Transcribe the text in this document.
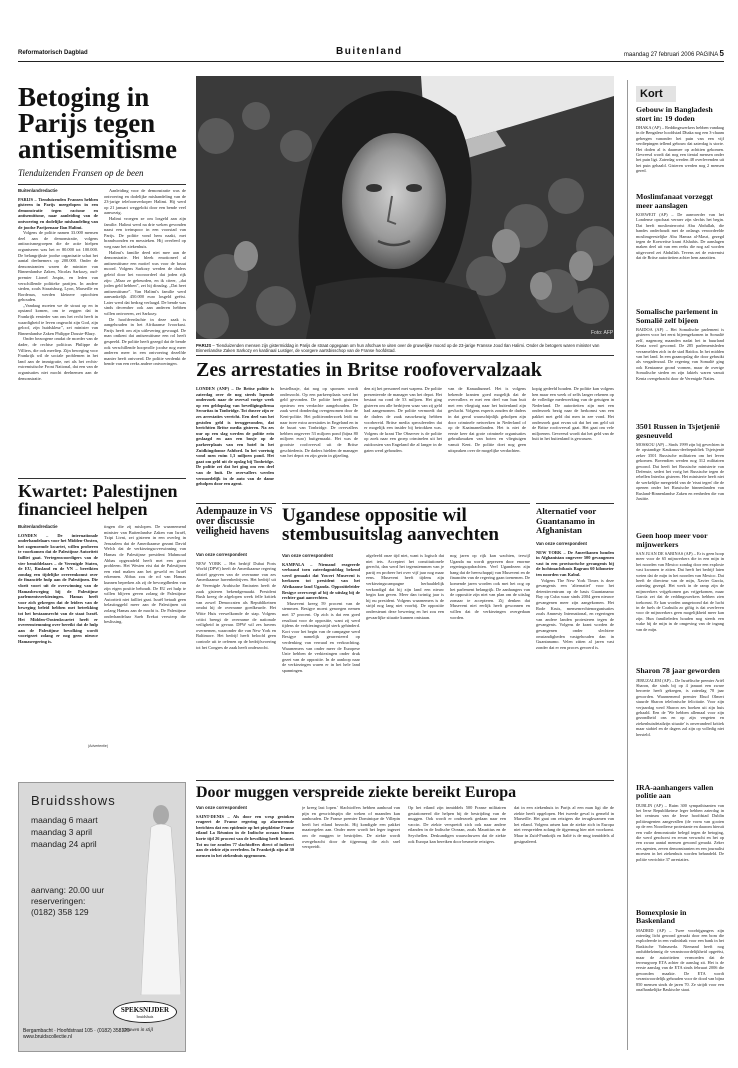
Reformatorisch Dagblad	Buitenland	maandag 27 februari 2006 PAGINA 5
Betoging in Parijs tegen antisemitisme
Tienduizenden Fransen op de been
Buitenlandredactie

PARIJS – Tienduizenden Fransen hebben gisteren in Parijs meegelopen in een demonstratie tegen racisme en antisemitisme, naar aanleiding van de ontvoering en dodelijke mishandeling van de joodse Parijzenaar Ilan Halimi.

Volgens de politie namen 33.000 mensen deel aan de demonstratie, volgens antiracismegroepen die de actie hielpen organiseren was het er 80.000 tot 100.000. De belangrijkste joodse organisatie schat het aantal deelnemers op 200.000. Onder de demonstranten waren de minister van Binnenlandse Zaken, Nicolas Sarkozy, oud-premier Lionel Jospin, en leden van verschillende politieke partijen. In andere steden, zoals Straatsburg, Lyon, Marseille en Bordeaux, werden kleinere optochten gehouden.

„Vandaag moeten we de straat op en in opstand komen, om te zeggen dat in Frankrijk eenieder van ons het recht heeft in waardigheid te leven ongeacht zijn God, zijn geloof, zijn huidskleur”, zei minister van Binnenlandse Zaken Philippe Douste-Blazy.

Onder bezorgene omdat de moeder van de dader, de rechtse politicus Philippe de Villiers, die ook meeliep. Zijn beweging voor Frankrijk wil de sociale problemen in het land aan de immigratie, net als het rechts-extremistische Front National, dat een van de organisaties niet mocht deelnemen aan de demonstratie.

Aanleiding voor de demonstratie was de ontvoering en dodelijke mishandeling van de 23-jarige telefoonverkoper Halimi. Hij werd op 21 januari weggelokt door een bende veel aanwezig.

Halimi vroegen ze om losgeld aan zijn familie. Halimi werd na drie weken gevonden naast een treinspoor in een voorstad van Parijs. De politie vond hem naakt, met brandwonden en messteken. Hij overleed op weg naar het ziekenhuis.

Halimi's familie deed niet mee aan de demonstratie. Het bleek emotioneel al antisemitisme een motief was voor de bruut moord. Volgens Sarkozy werden de daders geleid door het vooroordeel dat joden rijk zijn: „Maar ze gebeurden, en ik citeer, „dat joden geld hebben”, zei hij dinsdag. „Dat heet antisemitisme”. Van Halimi's familie werd aanvankelijk 450.000 euro losgeld geëist. Later werd dat bedrag verlaagd. De bende was sinds december ook aan anderen hebben willen ontvoeren, zei Sarkozy.

De hoofdverdachte in deze zaak is aangehouden in het Afrikaanse Ivoorkust. Parijs heeft om zijn uitlevering gevraagd. De man ontkent dat antisemitisme een rol heeft gespeeld. De politie heeft gezegd dat de bende ook verschillende hoopvolle joodse nog meer anderen meer in een ontvoering dezelfde manier heeft ontvoerd. De politie verdenkt de bende van een reeks andere ontvoeringen.

Foto: AFP
PARIJS – Tienduizenden mensen zijn gistermiddag in Parijs de straat opgegaan om hun afschuw te uiten over de gruwelijke moord op de 23-jarige Fransse Jood Ilan Halimi. Onder de betogers waren minister van Binnenlandse Zaken Sarkozy en kardinaal Lustiger, de voorgere aartsbisschop van de Franse hoofdstad.
Zes arrestaties in Britse roofovervalzaak

LONDEN (ANP) – De Britse politie is zaterdag over de nog steeds lopende onderzoek naar de overval vorige week op een geldopslag van beveiligingsfirma Securitas in Tonbridge. Tot dusver zijn er zes arrestaties verricht. Een deel van het gestolen geld is teruggevonden, dat berichtten Britse media gisteren. Na zes uur op een slag werden de politie erin geslaagd en aan een busje op de parkeerplaats van een hotel in het Zuidkingdomse Ashford. In het voertuig vond men ruim 1,3 miljoen pond. Het gaat om geld uit de opslag bij Tonbridge. De politie zei dat het ging om een deel van de buit. De overvallers werden vermoedelijk in de auto van de dame geholpen door een agent.

bestelbusje, dat nog op sponsen wordt onderzocht. Op een parkeerplaats werd het geld gevonden. De politie heeft gisteren opnieuw een verdachte aangehouden. De zaak werd donderdag overgenomen door de Kent-politie. Het politieonderzoek leidt nu naar twee extra arrestaties in Engeland en in de buurt van Tonbridge. De overvallers hebben ongeveer 53 miljoen pond (bijna 80 miljoen euro) buitgemaakt. Het was de grootste roofoverval uit de Britse geschiedenis. De daders hielden de manager van het depot en zijn gezin in gijzeling.

den zij het personeel met wapens. De politie presenteerde de manager van het depot. Het bestaat nu rond de 53 miljoen. Het ging gisteren om alle bedrijven waar van zij geld had aangenomen. De politie vermoedt dat de daders de zaak nauwkeurig hebben voorbereid. Britse media speculeerden dat er mogelijk een insider bij betrokken was. Volgens de krant The Observer is de politie op zoek naar een groep criminelen uit het zuidoosten van Engeland die al langer in de gaten werd gehouden.

van de Kanaaltunnel. Het is volgens bekende kranten goed mogelijk dat de overvallers er met een deel van hun buit met een vliegtuig naar het buitenland zijn gevlucht. Volgens experts zouden de daders in dat geval waarschijnlijk geholpen zijn door criminele netwerken in Nederland of op de Kaaimaneilanden. Het is niet de eerste keer dat grote criminele organisaties gebruikmaken van boten en vliegtuigen vanuit Kent. De politie doet nog geen uitspraken over de mogelijke verdachten.

kopig gedeeld houden. De politie kan volgens hen maar een week of zelfs langer rekenen op de volledige medewerking van de getuigen in Nederland. De autoriteiten zijn met een onderzoek bezig naar de herkomst van een pakket met geld dat men in zee vond. Het onderzoek gaat ervan uit dat het om geld uit de Britse roofoverval gaat. Het gaat om vele miljoenen. Gevreesd wordt dat het geld van de buit in het buitenland is gewassen.

Kwartet: Palestijnen financieel helpen
Buitenlandredactie

LONDEN – De internationale onderhandelaars voor het Midden-Oosten, het zogenoemde kwartet, willen proberen te voorkomen dat de Palestijnse Autoriteit failliet gaat. Vertegenwoordigers van de vier bemiddelaars – de Verenigde Staten, de EU, Rusland en de VN – bereikten zondag een tijdelijke overeenkomst over de financiële hulp aan de Palestijnen. Die vloeit voort uit de overwinning van de Hamasbeweging bij de Palestijnse parlementsverkiezingen. Hamas heeft voor zich gekregen dat de leiders van de beweging beleid hebben met betrekking tot het bestaansrecht van de staat Israël. Het Midden-Oostenkwartet heeft er overeenstemming over bereikt dat de hulp aan de Palestijnse bevolking wordt voortgezet zolang er nog geen nieuwe Hamasregering is.

tingen die zij mislopen. De waarnemend minister van Buitenlandse Zaken van Israël, Tzipi Livni, zei gisteren in een overleg in Jeruzalem dat de Amerikaanse gezant David Welch dat de verkiezingsoverwinning van Hamas de Palestijnse president Mahmoud Abbas opgezadeld heeft met een groot probleem. Het Westen eist dat de Palestijnen een eind maken aan het geweld en Israël erkennen. Abbas zou de rol van Hamas kunnen beperken als zij de bevoegdheden van zijn eigen positie behoudt. De EU zei hulp te willen blijven geven zolang de Palestijnse Autoriteit niet failliet gaat. Israël betaalt geen belastinggeld meer aan de Palestijnen uit zolang Hamas aan de macht is. De Palestijnse onderhandelaar Saeb Erekat verwierp die beslissing.

Adempauze in VS over discussie veiligheid havens
Van onze correspondent

NEW YORK – Het bedrijf Dubai Ports World (DPW) heeft de Amerikaanse regering uitstel gegeven van de overname van zes Amerikaanse havenbedrijven. Het bedrijf uit de Verenigde Arabische Emiraten heeft de zaak gisteren bekendgemaakt. President Bush kreeg de afgelopen week felle kritiek van zowel Democraten als Republikeinen omdat hij de overname goedkeurde. Het Witte Huis verwelkomde de stap. Volgens critici brengt de overname de nationale veiligheid in gevaar. DPW wil zes havens overnemen, waaronder die van New York en Baltimore. Het bedrijf heeft beloofd geen controle uit te oefenen op de bedrijfsvoering tot het Congres de zaak heeft onderzocht.

Ugandese oppositie wil stembusuitslag aanvechten
Van onze correspondent

KAMPALA – Niemand reageerde verbaasd toen zaterdagmiddag bekend werd gemaakt dat Yoweri Museveni is herkozen tot president van het Afrikaanse land Uganda. Oppositieleider Besigye overweegt af bij de uitslag bij de rechter gaat aanvechten.

Museveni kreeg 59 procent van de stemmen. Besigye moest genoegen nemen met 37 procent. Op zich is dat een goed resultaat voor de oppositie, want zij werd tijdens de verkiezingsstrijd sterk gehinderd. Kort voor het begin van de campagne werd Besigye namelijk gearresteerd op verdenking van verraad en verkrachting. Waarnemers van onder meer de Europese Unie hebben de verkiezingen onder druk gezet van de oppositie. In de aanloop naar de verkiezingen waren er in het hele land spanningen.

afgeleefd onze tijd niet, want is logisch dat niet iets. Acceptert het constitutionele gerecht, dan werd het tegenstemmen van je partij en probeer het over vijf jaar nog maar eens. Museveni heeft tijdens zijn verkiezingscampagne herhaaldelijk verkondigd dat hij zijn land een nieuw begin kan geven. Meer dan twintig jaar is hij nu president. Volgens waarnemers is de strijd nog lang niet voorbij. De oppositie ondersteunt deze bewering en het zou een gevaarlijke situatie kunnen ontstaan.

nog jaren op rijk kan wachten, terwijl Uganda nu wordt geprezen door enorme regeringsopdrachten. Veel Ugandezen zijn bang dat de heerschappij van Museveni en de financiën van de regering gaan toenemen. De komende jaren worden ook met het oog op het parlement belangrijk. De aanhangers van de oppositie zijn niet van plan om de uitslag zomaar te accepteren. Zij denken dat Museveni niet eerlijk heeft gewonnen en willen dat de verkiezingen overgedaan worden.

Alternatief voor Guantanamo in Afghanistan
Van onze correspondent

NEW YORK – De Amerikanen houden in Afghanistan ongeveer 500 gevangenen vast in een provisorische gevangenis bij de luchtmachtbasis Bagram 60 kilometer ten noorden van Kabul.

Volgens The New York Times is deze gevangenis een 'alternatief' voor het detentiecentrum op de basis Guantanamo Bay op Cuba waar sinds 2004 geen nieuwe gevangenen meer zijn aangekomen. Het Rode Kruis, mensenrechtenorganisaties zoals Amnesty International, en regeringen van andere landen protesteren tegen de gevangenis. Volgens de krant worden de gevangenen onder slechtere omstandigheden vastgehouden dan in Guantanamo. Velen zitten al jaren vast zonder dat er een proces gevoerd is.

Door muggen verspreide ziekte bereikt Europa
Van onze correspondent

SAINT-DENIS – Als door een wesp gestoken reageert de Franse regering op alarmerende berichten dat een epidemie op het piepkleine Franse eiland La Réunion in de Indische oceaan binnen korte tijd 26 procent van de bevolking heeft besmet. Tot nu toe zouden 77 slachtoffers direct of indirect aan de ziekte zijn overleden. In Frankrijk zijn al 30 mensen in het ziekenhuis opgenomen.

je kreeg last lopen.' Slachtoffers hebben aanhoud van pijn en gewrichtspijn die weken of maanden kan aanhouden. De Franse premier Dominique de Villepin heeft het eiland bezocht. Hij kondigde een pakket maatregelen aan. Onder meer wordt het leger ingezet om de muggen te bestrijden. De ziekte wordt overgebracht door de tijgermug die zich snel verspreidt.

Op het eiland zijn inmiddels 500 Franse militairen gestationeerd die helpen bij de bestrijding van de muggen. Ook wordt er onderzoek gedaan naar een vaccin. De ziekte verspreidt zich ook naar andere eilanden in de Indische Oceaan, zoals Mauritius en de Seychellen. Deskundigen waarschuwen dat de ziekte ook Europa kan bereiken door besmette reizigers.

dat in een ziekenhuis in Parijs al een man ligt die de ziekte heeft opgelopen. Het tweede geval is gemeld in Marseille. Het gaat om reizigers die terugkwamen van het eiland. Volgens artsen kan de ziekte zich in Europa niet verspreiden zolang de tijgermug hier niet voorkomt. Maar in Zuid-Frankrijk en Italië is de mug inmiddels al gesignaleerd.

(Advertentie)
Bruidsshows
maandag 6 maart
maandag 3 april
maandag 24 april
aanvang: 20.00 uur
reserveringen:
(0182) 358 129
SPEKSNIJDER
bruidshuis
trouwen in stijl
Bergambacht · Hoofdstraat 105 · (0182) 358129
www.bruidscollectie.nl
Kort
Gebouw in Bangladesh stort in: 19 doden
DHAKA (AP) – Reddingswerkers hebben vandaag in de Bengalese hoofdstad Dhaka nog een 3-chaam gebergen vanonder het puin van een vijf verdiepingen tellend gebouw dat zaterdag is storte. Het doden al is daarmee op achttien gekomen. Gevreesd wordt dat nog een tiental mensen onder het puin ligt. Zaterdag werden 48 overlevenden uit het puin gehaald. Gisteren werden nog 2 mensen gered.
Moslimfanaat vorzeggt meer aanslagen
KOEWEIT (AP) – De aanvoerder van het Londense opschaat verraer zijn slechts het begin. Dat heeft moslimterrorist Abu Abdullah, die bandes onderhoudt met de onlangs veroordeelde moslimgeestelijke Abu Hamza al-Masri, gezegd tegen de Koeweitse krant Alshahis. De aanslagen maken deel uit van een reeks die nog zal worden uitgevoerd zei Abdullah. Tevens zei de extremist dat de Britse autoriteiten achter hem aanzitten.
Somalische parlement in Somalië zelf bijeen
BAIDOA (AP) – Het Somalische parlement is gisteren voor het eerst bijeengekomen in Somalië zelf, nagenoeg maanden nadat het in buurland Kenia werd gevormd. De 285 parlementsleden verzamelden zich in de stad Baidoa. In het midden van het land. In een graanopslag die door gebruikt als vergaderzaal. De regering van Somalië ging ook Keniaanse grond vormen, maar de overige Somalische steden en zijn faktels waren vanuit Kenia overgebracht door de Verenigde Naties.
3501 Russen in Tsjetjenië gesneuveld
MOSKOU (AP) – Sinds 1999 zijn bij gevechten in de opstandige Kaukasus-deelrepubliek Tsjetsjenië zeker 3501 Russische militairen om het leven gekomen. Bovendien werden nog 312 militairen gewond. Dat heeft het Russische ministerie van Defensie, sedert het vorig het Russische tegen de rebellen Interfax gisteren. Het ministerie heeft niet de werkelijke meegeteld van de 'eisnt tegen' die de openen onder het Russische binnenlanden van Rusland-Binnenlandse Zaken en eenheden die van Justitie.
Geen hoop meer voor mijnwerkers
SAN JUAN DE SABINAS (AP) – Er is geen hoop meer voor de 65 mijnwerkers die in een mijn in het noorden van Mexico zondag door een explosie vast kwamen te zitten. Dat heeft het bedrijf laten weten dat de mijn in het noorden van Mexico. Dat heeft de directeur van de mijn, Xavier García, zaterdag gezegd. Het werk in de ramp zijn de mijnwerkers vrijgekomen gas vrijgekomen, maar García zei dat de reddingswerkers hebben zien toekomst. Er kan worden aangetoond dat de lucht in de fuels de Coahuila zo giftig is dat overleven voor de mijnwerkers geen mogelijkheid meer kan zijn. Hun familieleden houden nog steeds een wake bij de mijn in de omgeving van de ingang van de mijn.
Sharon 78 jaar geworden
JERUZALEM (AP) – De Israëlische premier Ariël Sharon, die sinds bij op 4 januari een zware beroerte heeft gekregen, is zaterdag 78 jaar geworden. Waarnemend premier Ehud Olmert stuurde Sharon telefonische felicitatie. Voor zijn verjaardag werd Sharon zes boeken uit zijn huis gehaald. Een de 'We hebben allemaal voor zijn gezondheid ons en op zijn vergeten en ziekenhuisdetailzijn situatie' is onveranderd kritiek maar stabiel en de dagers zal zijn op volledig niet hersteld.
IRA-aanhangers vallen politie aan
DUBLIN (AP) – Ruim 300 sympathisanten van het Ierse Republikeinse leger hebben zaterdag in het centrum van de Ierse hoofdstad Dublin politieagenten aangevallen (de vorm van gooien op de een Noordierse protestante en daarom hieruit een vuile demonstratie belegd tegen de betoging, die werd geschorst en ervan verwacht en het op een zwaar aantal mensen gewond geraakt. Zeker zes agenten, zeven demonstranten en een journalist moesten in het ziekenhuis worden behandeld. De politie verrichtte 37 arrestaties.
Bomexplosie in Baskenland
MADRID (AP) – Twee voorbijgangers zijn zaterdag licht gewond geraakt door een bom die explodeerde in een vuilnisbak voor een bank in het Baskische Valmaseda. Niemand heeft nog ondubbelzinnig de verantwoordelijkheid opgeëist, maar de autoriteiten vermoeden dat de terreurgroep ETA achter de aanslag zit. Het is de eerste aanslag van de ETA sinds februari 2006 die gewonden maakte. De ETA wordt verantwoordelijk gehouden voor de dood van bijna 850 mensen sinds de jaren 70. Ze strijdt voor een onafhankelijke Baskische staat.
